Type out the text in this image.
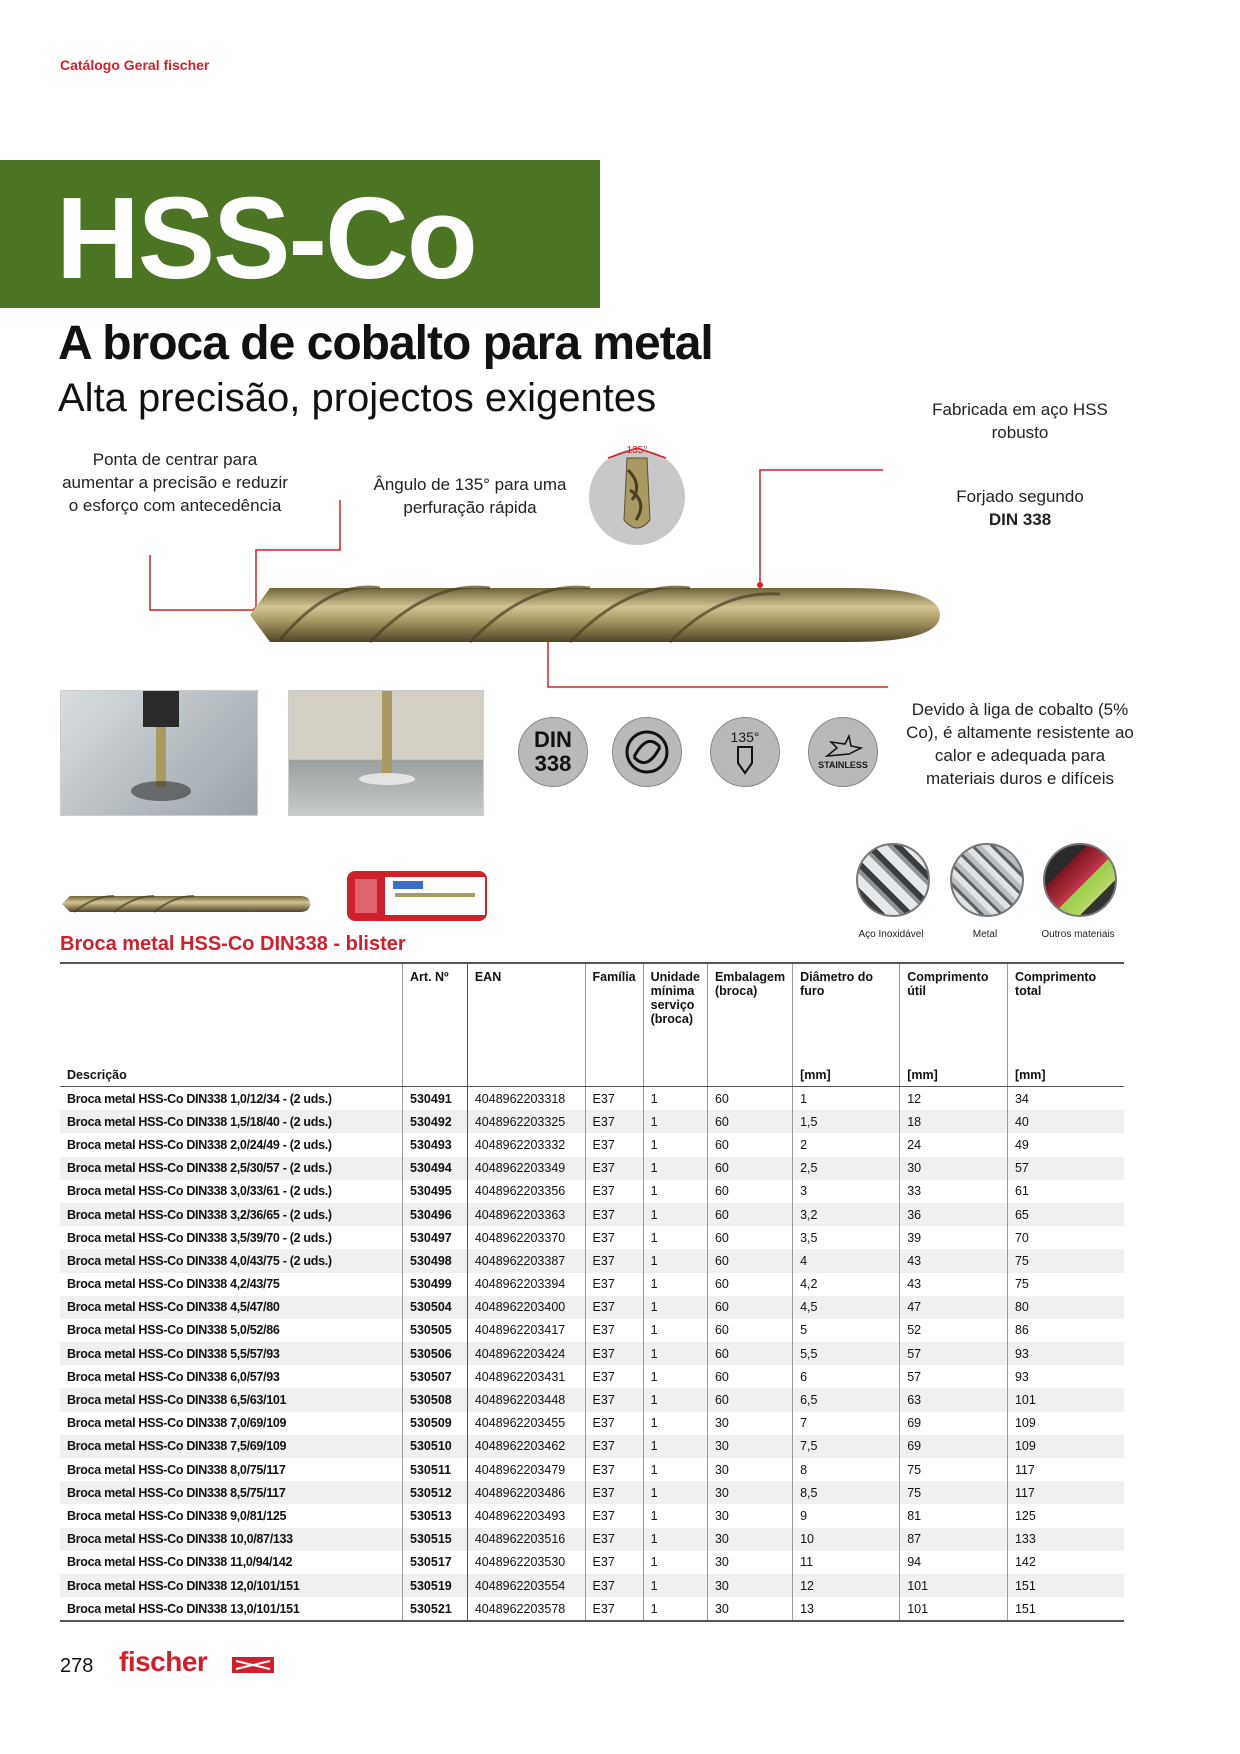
Catálogo Geral fischer
HSS-Co
A broca de cobalto para metal
Alta precisão, projectos exigentes
Ponta de centrar para aumentar a precisão e reduzir o esforço com antecedência
Ângulo de 135° para uma perfuração rápida
Fabricada em aço HSS robusto
Forjado segundo
DIN 338
Devido à liga de cobalto (5% Co), é altamente resistente ao calor e adequada para materiais duros e difíceis
135°
DIN
338
135°
STAINLESS
Aço Inoxidável	Metal	Outros materiais
Broca metal HSS-Co DIN338 - blister
	Art. Nº	EAN	Família	Unidade mínima serviço (broca)	Embalagem (broca)	Diâmetro do furo	Comprimento útil	Comprimento total
Descrição						[mm]	[mm]	[mm]
Broca metal HSS-Co DIN338 1,0/12/34 - (2 uds.)	530491	4048962203318	E37	1	60	1	12	34
Broca metal HSS-Co DIN338 1,5/18/40 - (2 uds.)	530492	4048962203325	E37	1	60	1,5	18	40
Broca metal HSS-Co DIN338 2,0/24/49 - (2 uds.)	530493	4048962203332	E37	1	60	2	24	49
Broca metal HSS-Co DIN338 2,5/30/57 - (2 uds.)	530494	4048962203349	E37	1	60	2,5	30	57
Broca metal HSS-Co DIN338 3,0/33/61 - (2 uds.)	530495	4048962203356	E37	1	60	3	33	61
Broca metal HSS-Co DIN338 3,2/36/65 - (2 uds.)	530496	4048962203363	E37	1	60	3,2	36	65
Broca metal HSS-Co DIN338 3,5/39/70 - (2 uds.)	530497	4048962203370	E37	1	60	3,5	39	70
Broca metal HSS-Co DIN338 4,0/43/75 - (2 uds.)	530498	4048962203387	E37	1	60	4	43	75
Broca metal HSS-Co DIN338 4,2/43/75	530499	4048962203394	E37	1	60	4,2	43	75
Broca metal HSS-Co DIN338 4,5/47/80	530504	4048962203400	E37	1	60	4,5	47	80
Broca metal HSS-Co DIN338 5,0/52/86	530505	4048962203417	E37	1	60	5	52	86
Broca metal HSS-Co DIN338 5,5/57/93	530506	4048962203424	E37	1	60	5,5	57	93
Broca metal HSS-Co DIN338 6,0/57/93	530507	4048962203431	E37	1	60	6	57	93
Broca metal HSS-Co DIN338 6,5/63/101	530508	4048962203448	E37	1	60	6,5	63	101
Broca metal HSS-Co DIN338 7,0/69/109	530509	4048962203455	E37	1	30	7	69	109
Broca metal HSS-Co DIN338 7,5/69/109	530510	4048962203462	E37	1	30	7,5	69	109
Broca metal HSS-Co DIN338 8,0/75/117	530511	4048962203479	E37	1	30	8	75	117
Broca metal HSS-Co DIN338 8,5/75/117	530512	4048962203486	E37	1	30	8,5	75	117
Broca metal HSS-Co DIN338 9,0/81/125	530513	4048962203493	E37	1	30	9	81	125
Broca metal HSS-Co DIN338 10,0/87/133	530515	4048962203516	E37	1	30	10	87	133
Broca metal HSS-Co DIN338 11,0/94/142	530517	4048962203530	E37	1	30	11	94	142
Broca metal HSS-Co DIN338 12,0/101/151	530519	4048962203554	E37	1	30	12	101	151
Broca metal HSS-Co DIN338 13,0/101/151	530521	4048962203578	E37	1	30	13	101	151
278 fischer
